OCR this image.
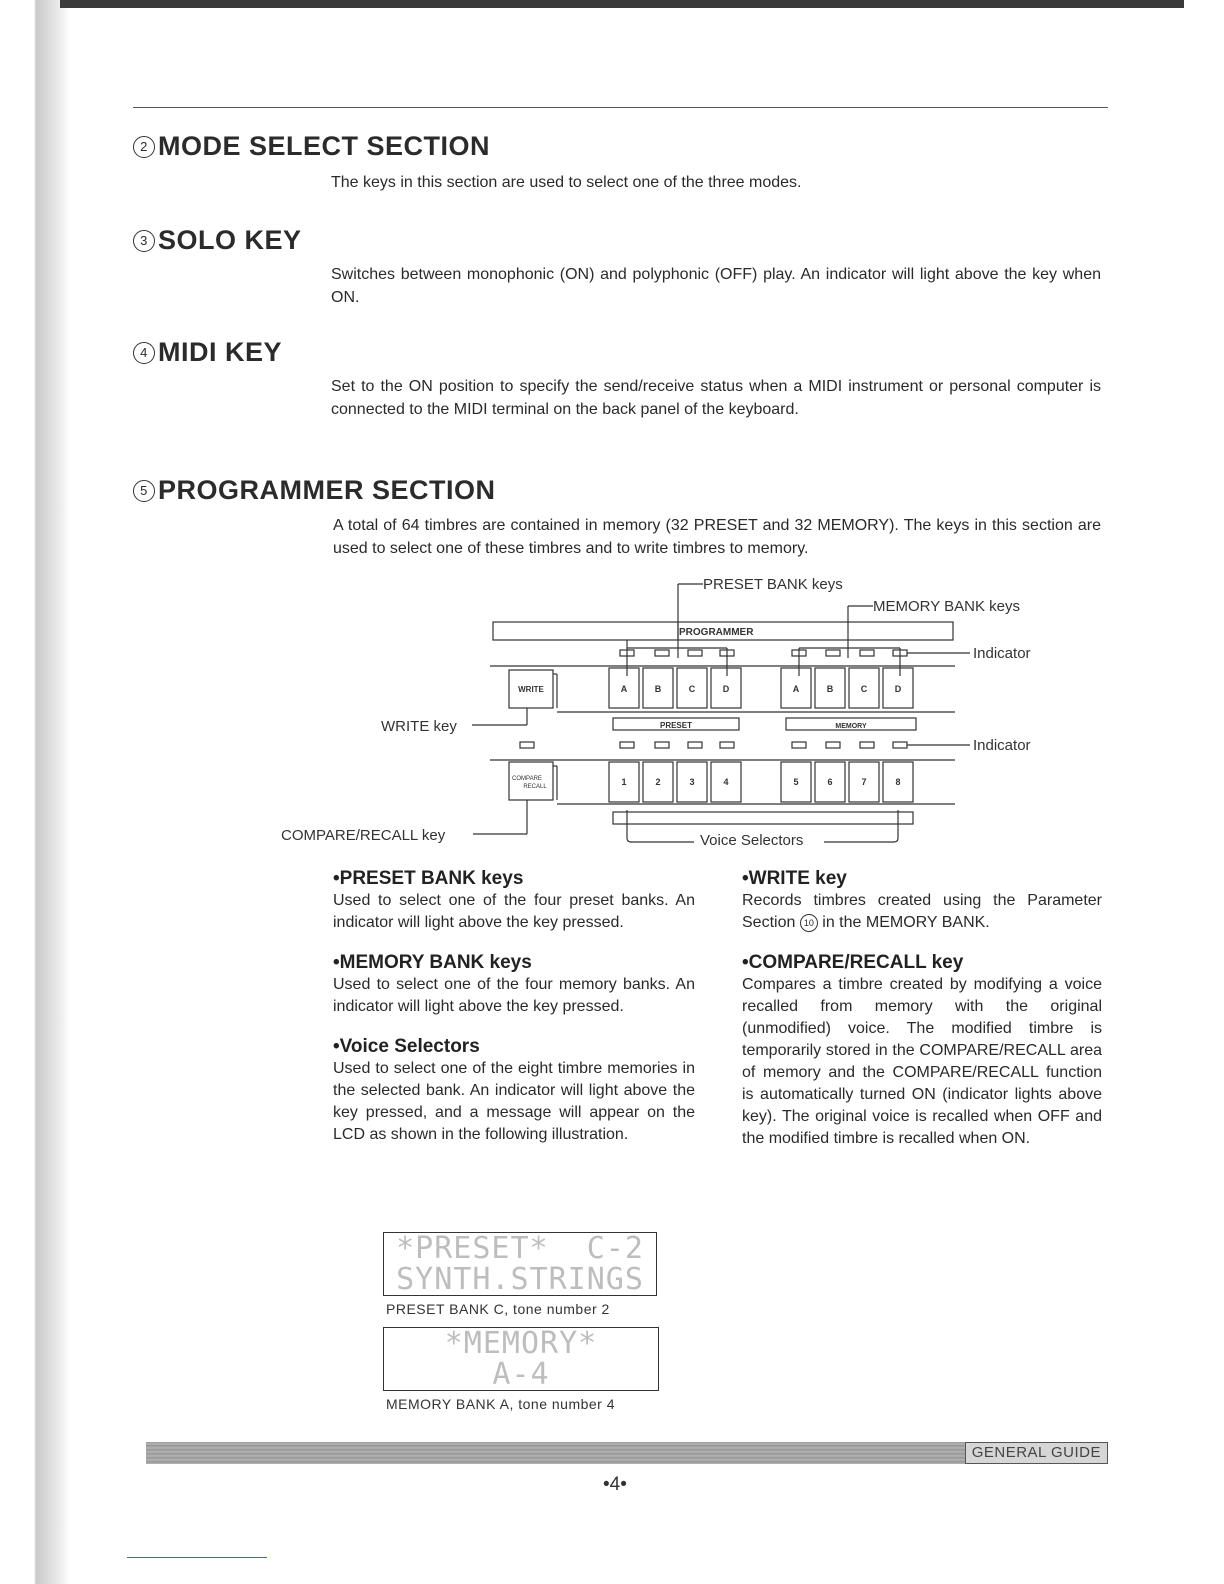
2 MODE SELECT SECTION
The keys in this section are used to select one of the three modes.
3 SOLO KEY
Switches between monophonic (ON) and polyphonic (OFF) play. An indicator will light above the key when ON.
4 MIDI KEY
Set to the ON position to specify the send/receive status when a MIDI instrument or personal computer is connected to the MIDI terminal on the back panel of the keyboard.
5 PROGRAMMER SECTION
A total of 64 timbres are contained in memory (32 PRESET and 32 MEMORY). The keys in this section are used to select one of these timbres and to write timbres to memory.
PROGRAMMER
PRESET BANK keys
MEMORY BANK keys
Indicator
Indicator
WRITE key
COMPARE/RECALL key	Voice Selectors
WRITE
COMPARE
RECALL
PRESET	MEMORY
A	B	C	D	A	B	C	D
1	2	3	4	5	6	7	8

•PRESET BANK keys

Used to select one of the four preset banks. An indicator will light above the key pressed.

•MEMORY BANK keys

Used to select one of the four memory banks. An indicator will light above the key pressed.

•Voice Selectors

Used to select one of the eight timbre memories in the selected bank. An indicator will light above the key pressed, and a message will appear on the LCD as shown in the following illustration.

•WRITE key

Records timbres created using the Parameter Section 10 in the MEMORY BANK.

•COMPARE/RECALL key

Compares a timbre created by modifying a voice recalled from memory with the original (unmodified) voice. The modified timbre is temporarily stored in the COMPARE/RECALL area of memory and the COMPARE/RECALL function is automatically turned ON (indicator lights above key). The original voice is recalled when OFF and the modified timbre is recalled when ON.

*PRESET*  C-2
SYNTH.STRINGS
PRESET BANK C, tone number 2
*MEMORY*
A-4
MEMORY BANK A, tone number 4
GENERAL GUIDE
•4•
